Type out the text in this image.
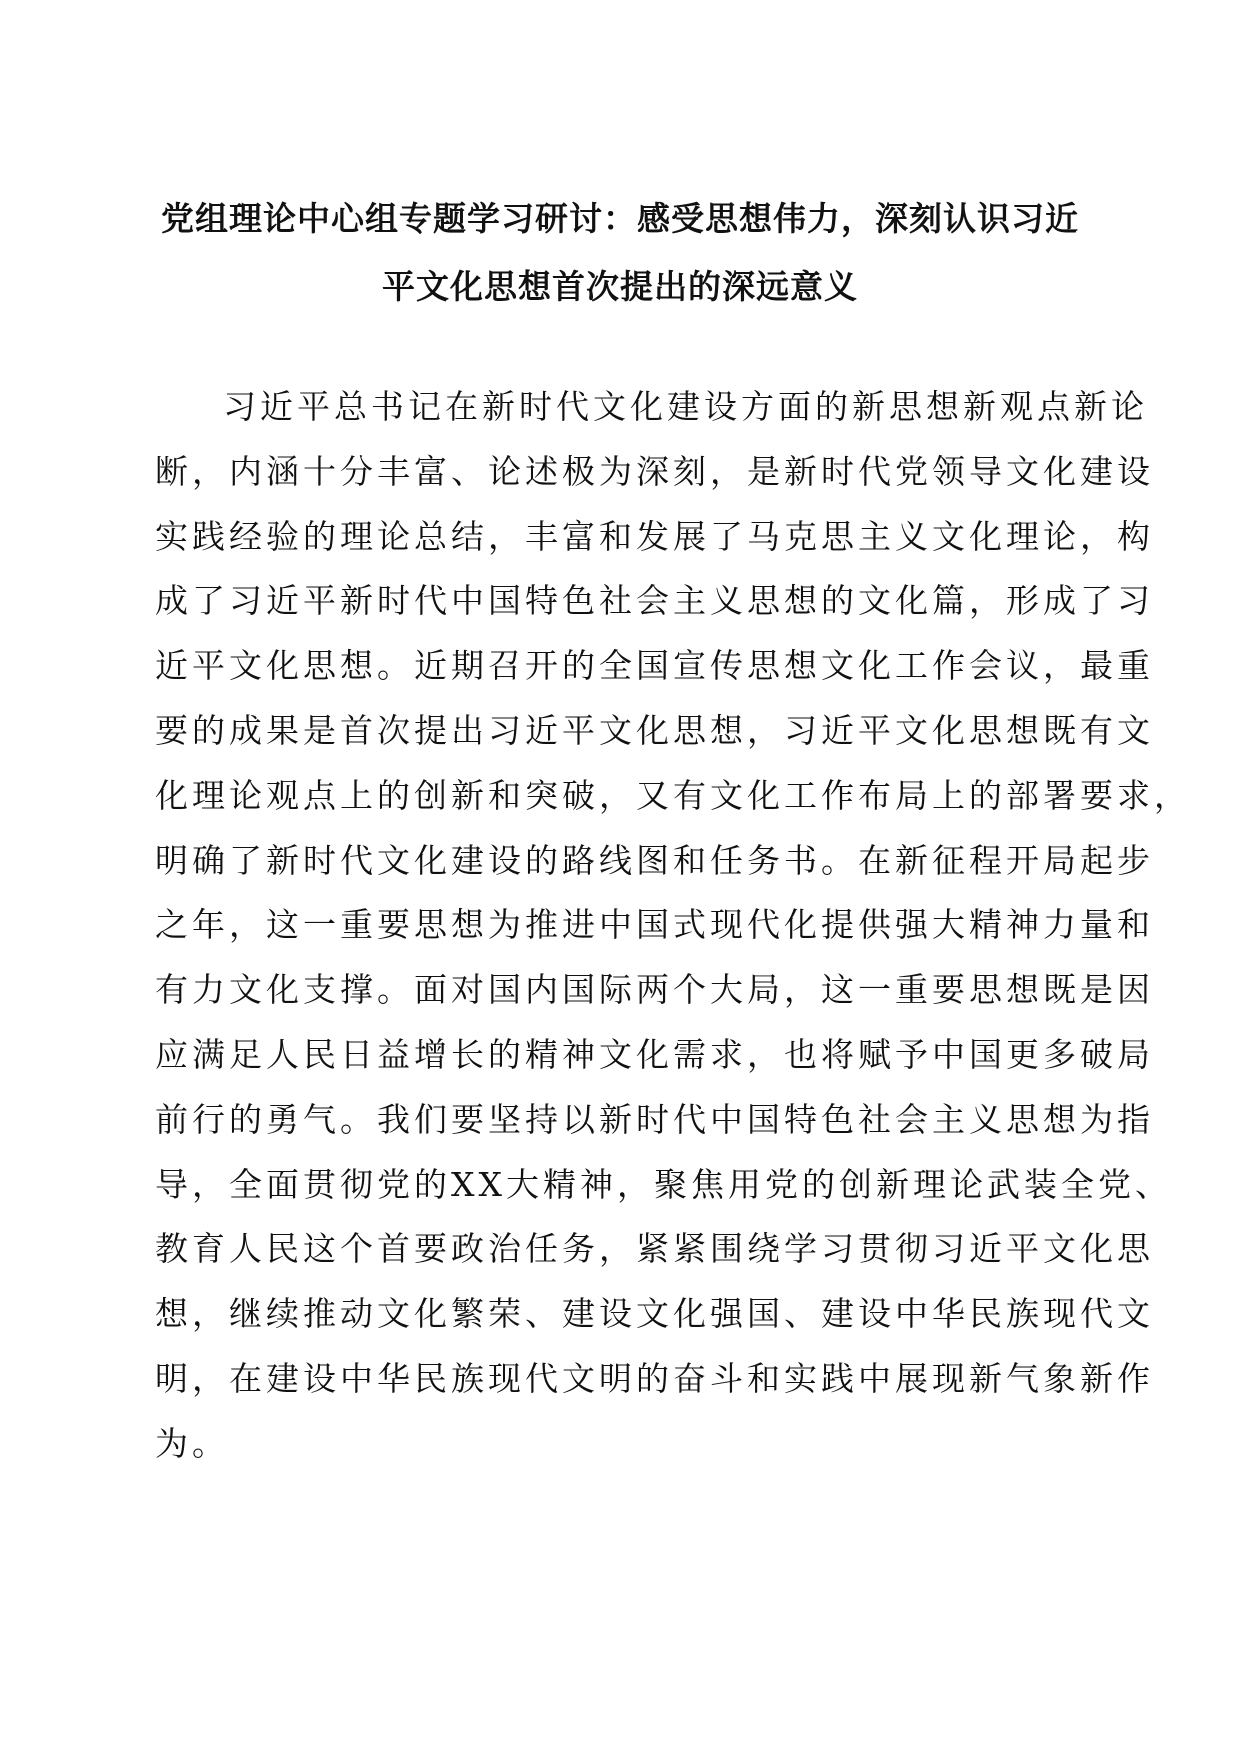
党组理论中心组专题学习研讨：感受思想伟力，深刻认识习近
平文化思想首次提出的深远意义

习近平总书记在新时代文化建设方面的新思想新观点新论
断，内涵十分丰富、论述极为深刻，是新时代党领导文化建设
实践经验的理论总结，丰富和发展了马克思主义文化理论，构
成了习近平新时代中国特色社会主义思想的文化篇，形成了习
近平文化思想。近期召开的全国宣传思想文化工作会议，最重
要的成果是首次提出习近平文化思想，习近平文化思想既有文
化理论观点上的创新和突破，又有文化工作布局上的部署要求，
明确了新时代文化建设的路线图和任务书。在新征程开局起步
之年，这一重要思想为推进中国式现代化提供强大精神力量和
有力文化支撑。面对国内国际两个大局，这一重要思想既是因
应满足人民日益增长的精神文化需求，也将赋予中国更多破局
前行的勇气。我们要坚持以新时代中国特色社会主义思想为指
导，全面贯彻党的XX大精神，聚焦用党的创新理论武装全党、
教育人民这个首要政治任务，紧紧围绕学习贯彻习近平文化思
想，继续推动文化繁荣、建设文化强国、建设中华民族现代文
明，在建设中华民族现代文明的奋斗和实践中展现新气象新作
为。
